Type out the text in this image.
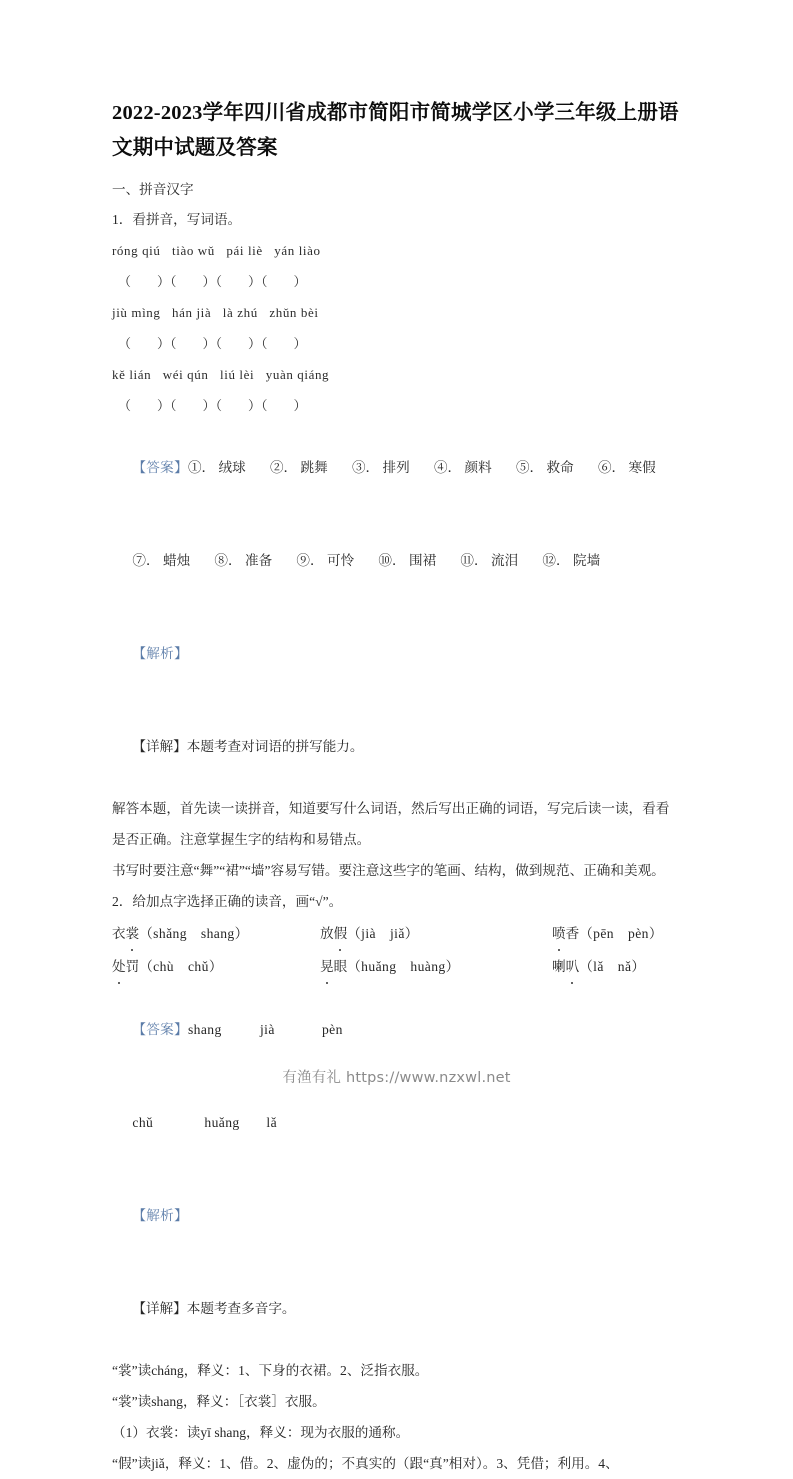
2022-2023学年四川省成都市简阳市简城学区小学三年级上册语文期中试题及答案
一、拼音汉字
1．看拼音，写词语。
róng qiú   tiào wǔ   pái liè   yán liào
（        ）（        ）（        ）（        ）
jiù mìng   hán jià   là zhú   zhǔn bèi
（        ）（        ）（        ）（        ）
kě lián   wéi qún   liú lèi   yuàn qiáng
（        ）（        ）（        ）（        ）

【答案】①． 绒球 ②． 跳舞 ③． 排列 ④． 颜料 ⑤． 救命 ⑥． 寒假

⑦． 蜡烛 ⑧． 准备 ⑨． 可怜 ⑩． 围裙 ⑪． 流泪 ⑫． 院墙

【解析】

【详解】本题考查对词语的拼写能力。

解答本题，首先读一读拼音，知道要写什么词语，然后写出正确的词语，写完后读一读，看看是否正确。注意掌握生字的结构和易错点。
书写时要注意“舞”“裙”“墙”容易写错。要注意这些字的笔画、结构，做到规范、正确和美观。
2．给加点字选择正确的读音，画“√”。
衣裳（shǎng　shang）	放假（jià　jiǎ）	喷香（pēn　pèn）
处罚（chù　chǔ）	晃眼（huǎng　huàng）	喇叭（lǎ　nǎ）

【答案】shang	jià	pèn

chǔ	huǎng lǎ

【解析】

【详解】本题考查多音字。

“裳”读cháng，释义：1、下身的衣裙。2、泛指衣服。
“裳”读shang，释义：［衣裳］衣服。
（1）衣裳：读yī shang，释义：现为衣服的通称。
“假”读jiǎ，释义：1、借。2、虚伪的；不真实的（跟“真”相对）。3、凭借；利用。4、
有渔有礼 https://www.nzxwl.net
